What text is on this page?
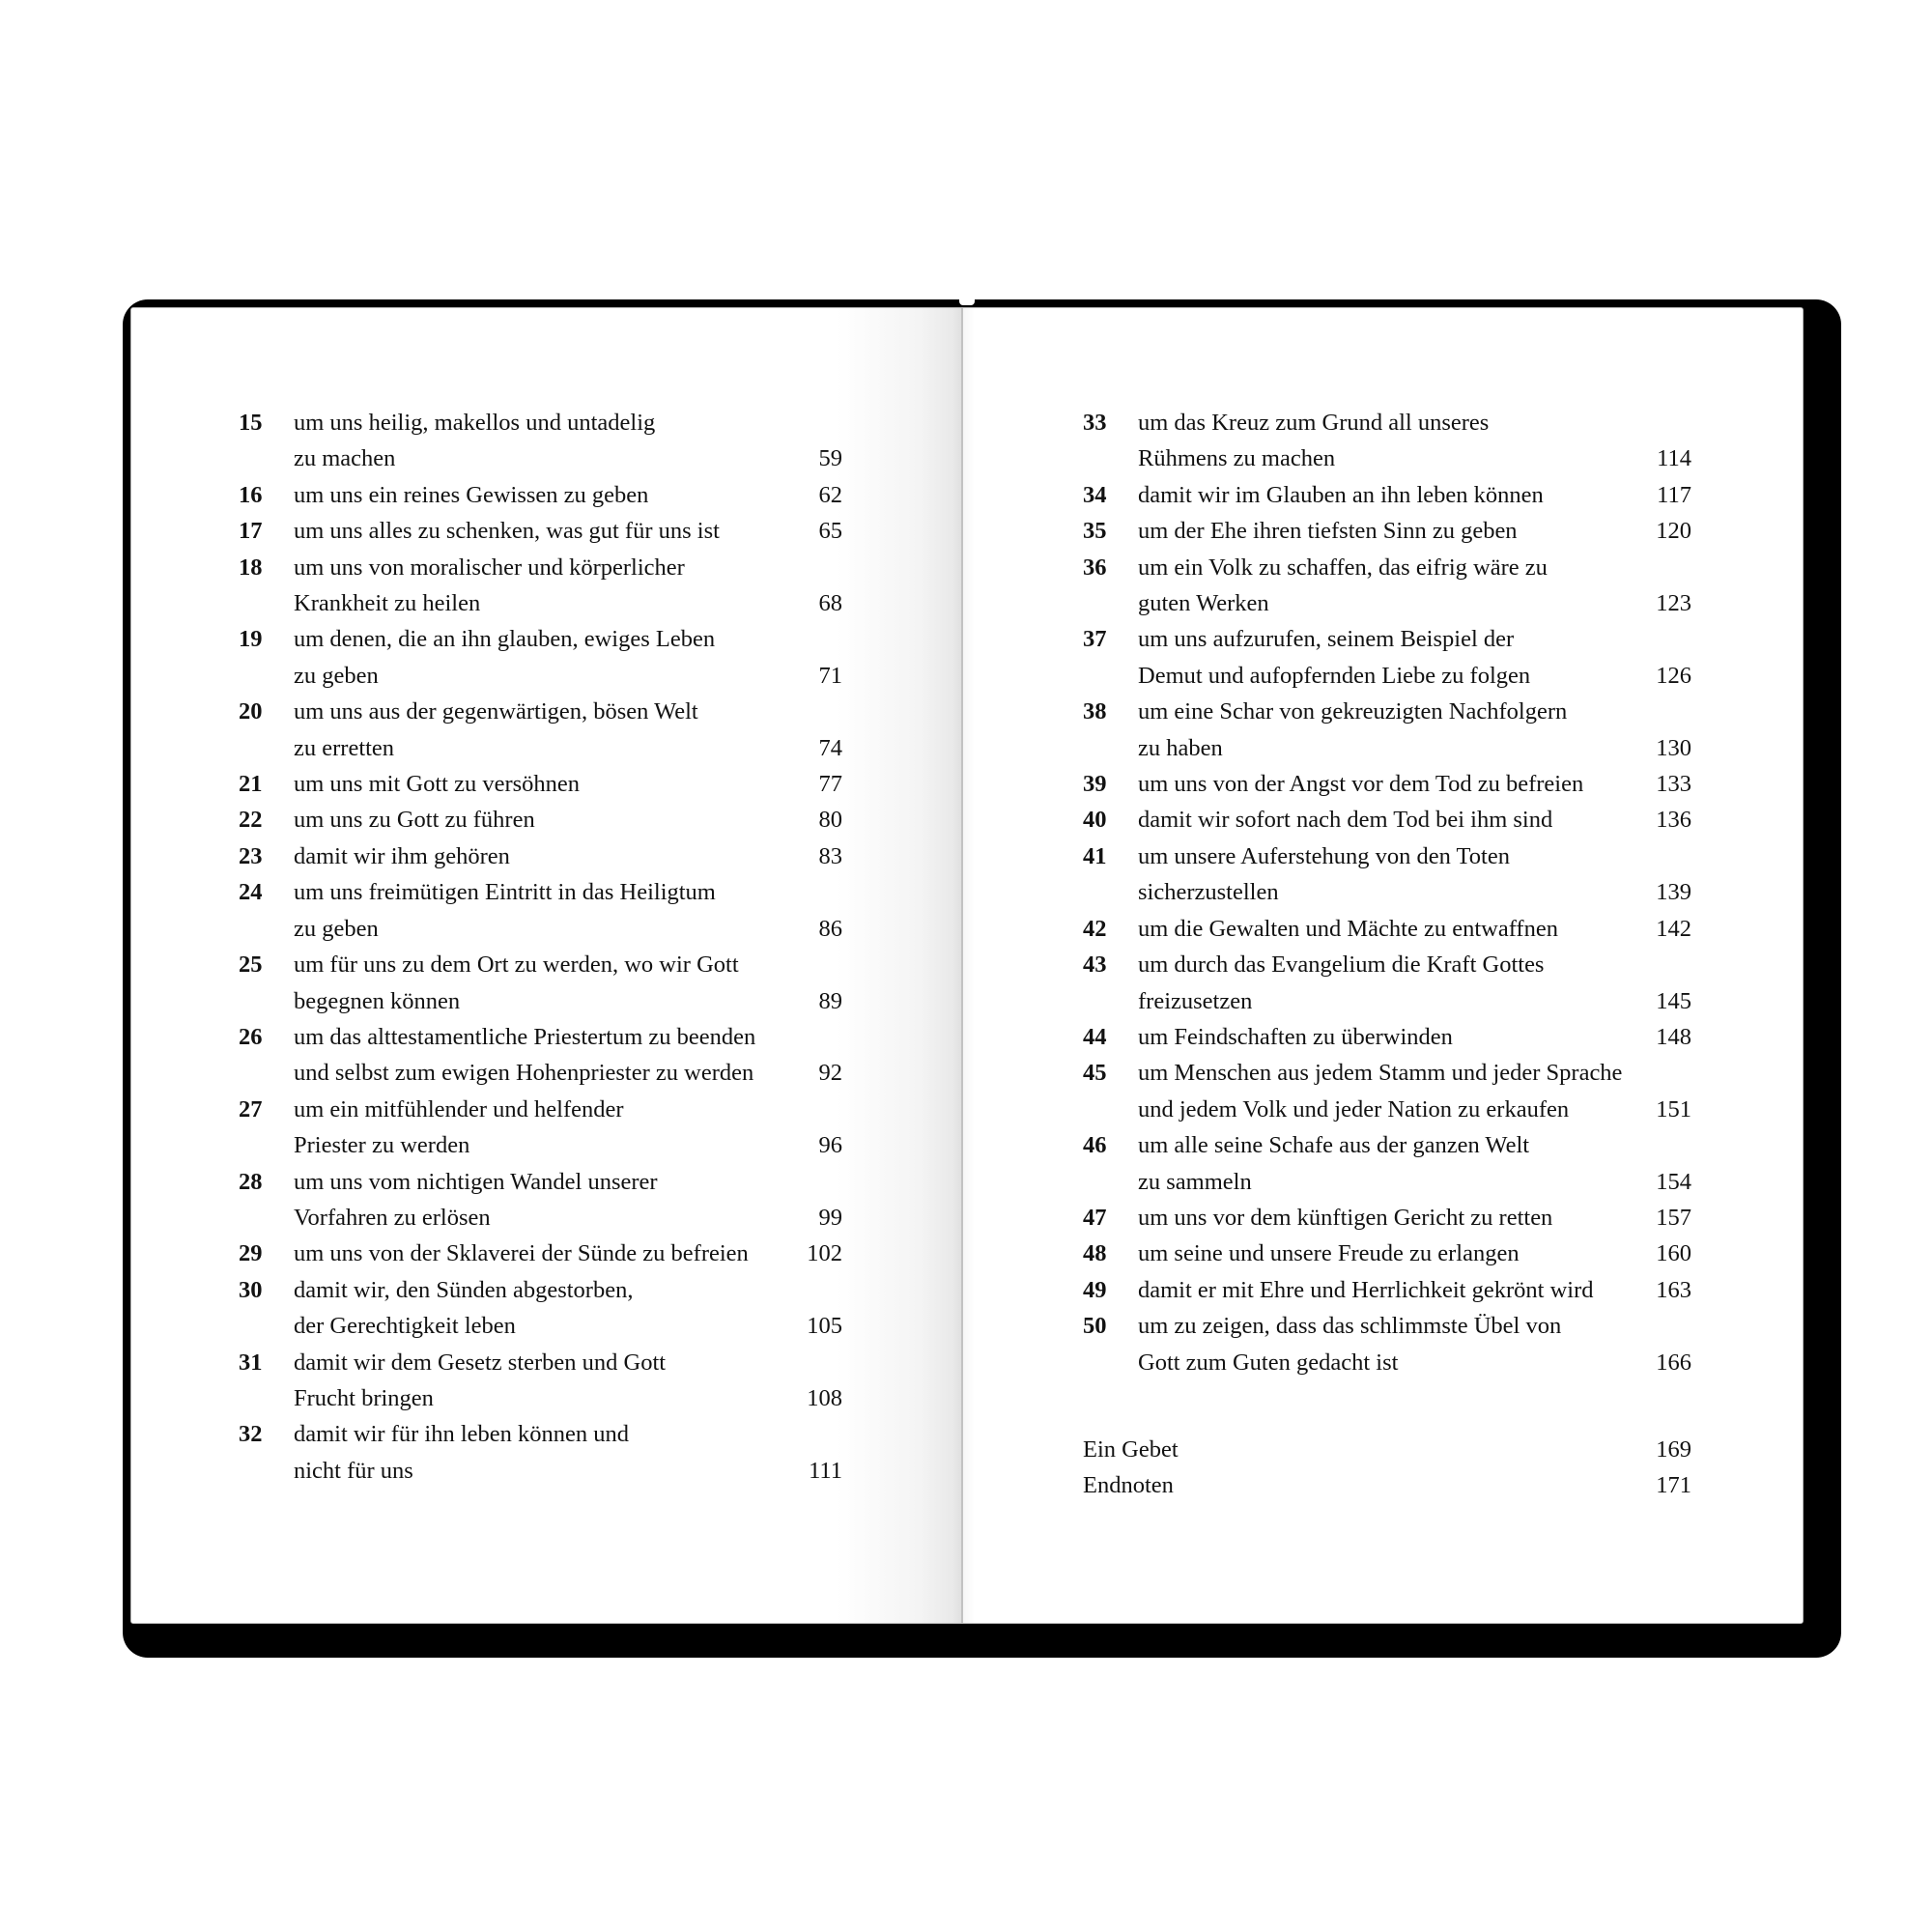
15	um uns heilig, makellos und untadelig
zu machen	59
16	um uns ein reines Gewissen zu geben	62
17	um uns alles zu schenken, was gut für uns ist	65
18	um uns von moralischer und körperlicher
Krankheit zu heilen	68
19	um denen, die an ihn glauben, ewiges Leben
zu geben	71
20	um uns aus der gegenwärtigen, bösen Welt
zu erretten	74
21	um uns mit Gott zu versöhnen	77
22	um uns zu Gott zu führen	80
23	damit wir ihm gehören	83
24	um uns freimütigen Eintritt in das Heiligtum
zu geben	86
25	um für uns zu dem Ort zu werden, wo wir Gott
begegnen können	89
26	um das alttestamentliche Priestertum zu beenden
und selbst zum ewigen Hohenpriester zu werden	92
27	um ein mitfühlender und helfender
Priester zu werden	96
28	um uns vom nichtigen Wandel unserer
Vorfahren zu erlösen	99
29	um uns von der Sklaverei der Sünde zu befreien	102
30	damit wir, den Sünden abgestorben,
der Gerechtigkeit leben	105
31	damit wir dem Gesetz sterben und Gott
Frucht bringen	108
32	damit wir für ihn leben können und
nicht für uns	111
33	um das Kreuz zum Grund all unseres
Rühmens zu machen	114
34	damit wir im Glauben an ihn leben können	117
35	um der Ehe ihren tiefsten Sinn zu geben	120
36	um ein Volk zu schaffen, das eifrig wäre zu
guten Werken	123
37	um uns aufzurufen, seinem Beispiel der
Demut und aufopfernden Liebe zu folgen	126
38	um eine Schar von gekreuzigten Nachfolgern
zu haben	130
39	um uns von der Angst vor dem Tod zu befreien	133
40	damit wir sofort nach dem Tod bei ihm sind	136
41	um unsere Auferstehung von den Toten
sicherzustellen	139
42	um die Gewalten und Mächte zu entwaffnen	142
43	um durch das Evangelium die Kraft Gottes
freizusetzen	145
44	um Feindschaften zu überwinden	148
45	um Menschen aus jedem Stamm und jeder Sprache
und jedem Volk und jeder Nation zu erkaufen	151
46	um alle seine Schafe aus der ganzen Welt
zu sammeln	154
47	um uns vor dem künftigen Gericht zu retten	157
48	um seine und unsere Freude zu erlangen	160
49	damit er mit Ehre und Herrlichkeit gekrönt wird	163
50	um zu zeigen, dass das schlimmste Übel von
Gott zum Guten gedacht ist	166
Ein Gebet	169
Endnoten	171
